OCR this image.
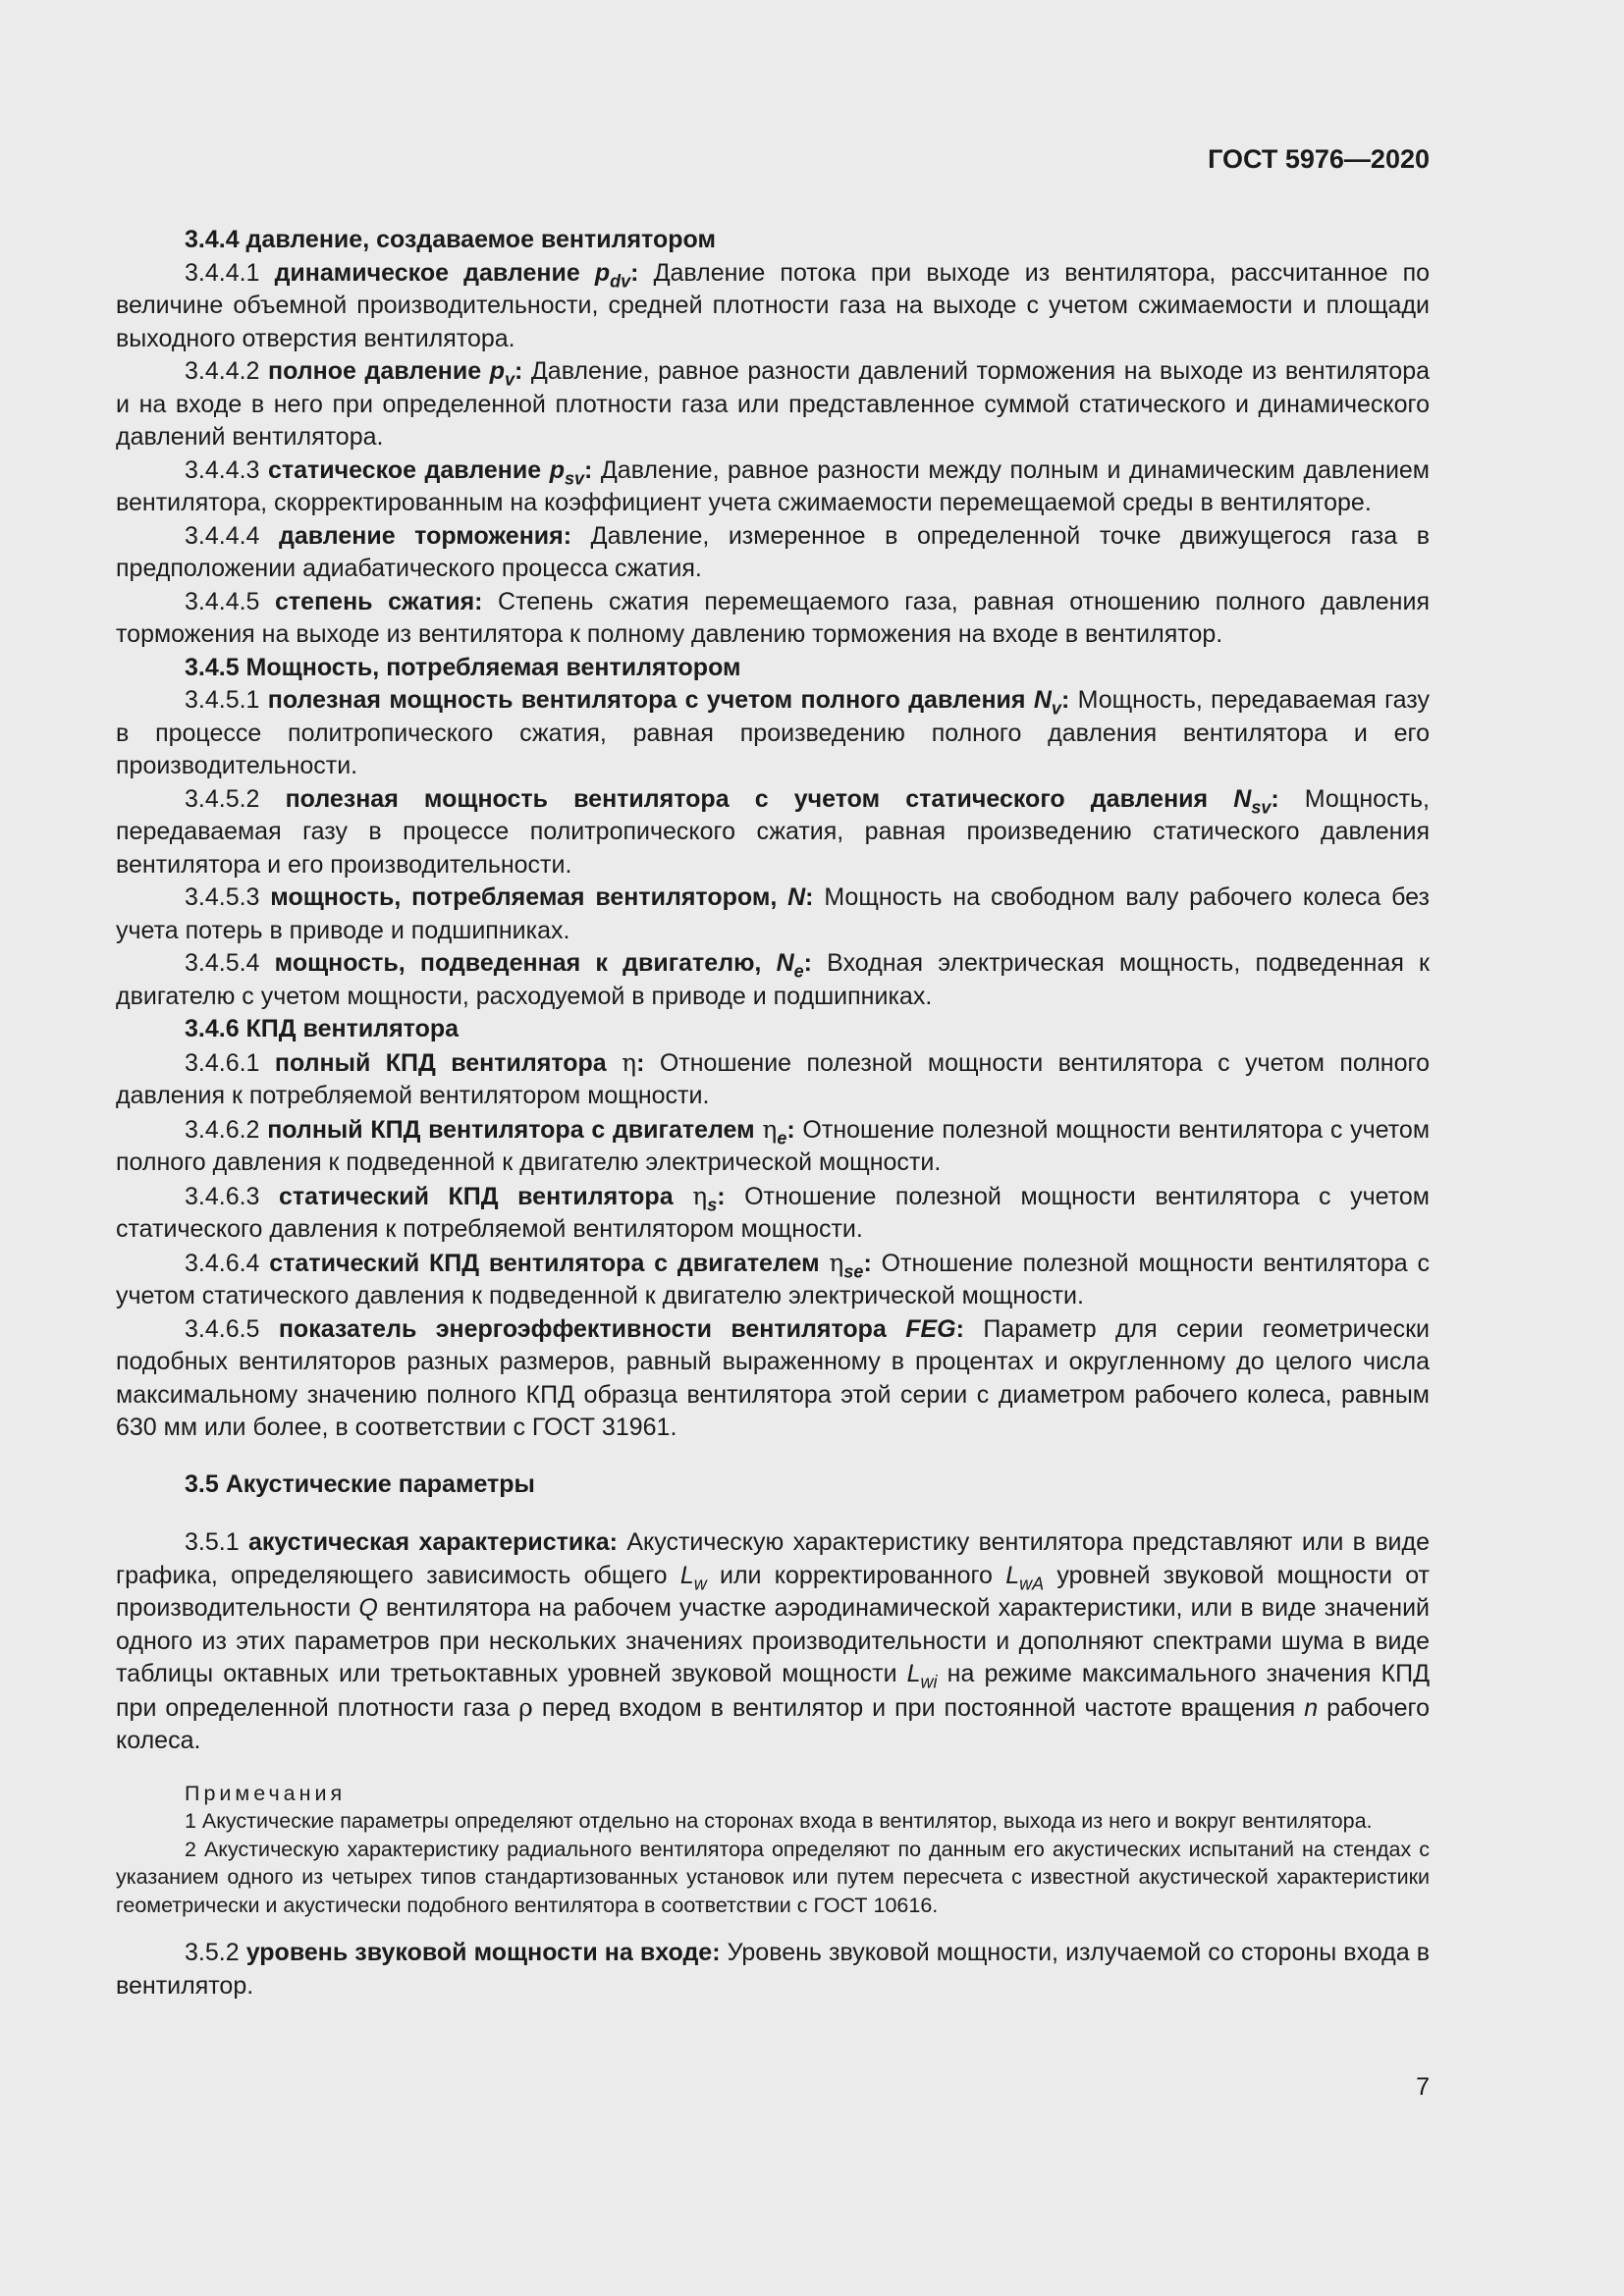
ГОСТ 5976—2020

3.4.4 давление, создаваемое вентилятором

3.4.4.1 динамическое давление $p_{dv}$: Давление потока при выходе из вентилятора, рассчитанное по величине объемной производительности, средней плотности газа на выходе с учетом сжимаемости и площади выходного отверстия вентилятора.

3.4.4.2 полное давление $p_v$: Давление, равное разности давлений торможения на выходе из вентилятора и на входе в него при определенной плотности газа или представленное суммой статического и динамического давлений вентилятора.

3.4.4.3 статическое давление $p_{sv}$: Давление, равное разности между полным и динамическим давлением вентилятора, скорректированным на коэффициент учета сжимаемости перемещаемой среды в вентиляторе.

3.4.4.4 давление торможения: Давление, измеренное в определенной точке движущегося газа в предположении адиабатического процесса сжатия.

3.4.4.5 степень сжатия: Степень сжатия перемещаемого газа, равная отношению полного давления торможения на выходе из вентилятора к полному давлению торможения на входе в вентилятор.

3.4.5 Мощность, потребляемая вентилятором

3.4.5.1 полезная мощность вентилятора с учетом полного давления $N_v$: Мощность, передаваемая газу в процессе политропического сжатия, равная произведению полного давления вентилятора и его производительности.

3.4.5.2 полезная мощность вентилятора с учетом статического давления $N_{sv}$: Мощность, передаваемая газу в процессе политропического сжатия, равная произведению статического давления вентилятора и его производительности.

3.4.5.3 мощность, потребляемая вентилятором, N: Мощность на свободном валу рабочего колеса без учета потерь в приводе и подшипниках.

3.4.5.4 мощность, подведенная к двигателю, $N_e$: Входная электрическая мощность, подведенная к двигателю с учетом мощности, расходуемой в приводе и подшипниках.

3.4.6 КПД вентилятора

3.4.6.1 полный КПД вентилятора η: Отношение полезной мощности вентилятора с учетом полного давления к потребляемой вентилятором мощности.

3.4.6.2 полный КПД вентилятора с двигателем $\eta_e$: Отношение полезной мощности вентилятора с учетом полного давления к подведенной к двигателю электрической мощности.

3.4.6.3 статический КПД вентилятора $\eta_s$: Отношение полезной мощности вентилятора с учетом статического давления к потребляемой вентилятором мощности.

3.4.6.4 статический КПД вентилятора с двигателем $\eta_{se}$: Отношение полезной мощности вентилятора с учетом статического давления к подведенной к двигателю электрической мощности.

3.4.6.5 показатель энергоэффективности вентилятора FEG: Параметр для серии геометрически подобных вентиляторов разных размеров, равный выраженному в процентах и округленному до целого числа максимальному значению полного КПД образца вентилятора этой серии с диаметром рабочего колеса, равным 630 мм или более, в соответствии с ГОСТ 31961.

3.5 Акустические параметры

3.5.1 акустическая характеристика: Акустическую характеристику вентилятора представляют или в виде графика, определяющего зависимость общего $L_w$ или корректированного $L_{wA}$ уровней звуковой мощности от производительности Q вентилятора на рабочем участке аэродинамической характеристики, или в виде значений одного из этих параметров при нескольких значениях производительности и дополняют спектрами шума в виде таблицы октавных или третьоктавных уровней звуковой мощности $L_{wi}$ на режиме максимального значения КПД при определенной плотности газа ρ перед входом в вентилятор и при постоянной частоте вращения n рабочего колеса.

Примечания

1 Акустические параметры определяют отдельно на сторонах входа в вентилятор, выхода из него и вокруг вентилятора.

2 Акустическую характеристику радиального вентилятора определяют по данным его акустических испытаний на стендах с указанием одного из четырех типов стандартизованных установок или путем пересчета с известной акустической характеристики геометрически и акустически подобного вентилятора в соответствии с ГОСТ 10616.

3.5.2 уровень звуковой мощности на входе: Уровень звуковой мощности, излучаемой со стороны входа в вентилятор.

7
